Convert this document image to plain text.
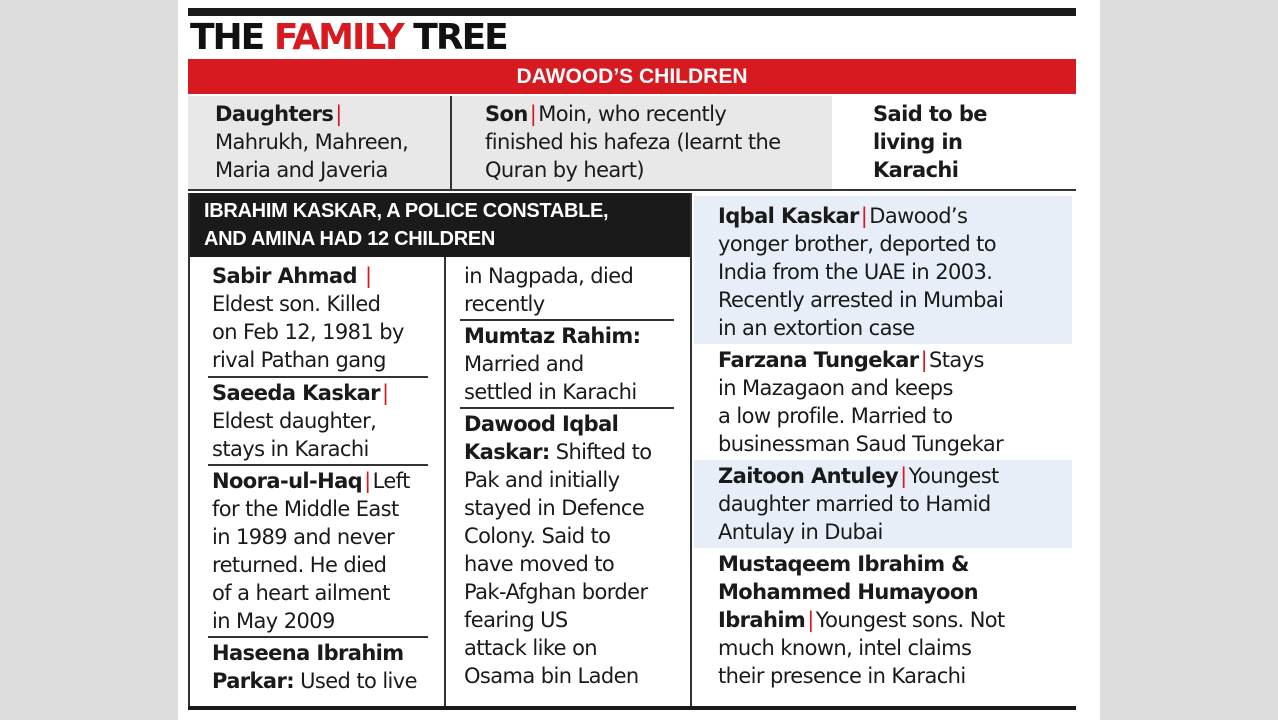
THE FAMILY TREE
DAWOOD’S CHILDREN
Daughters|
Mahrukh, Mahreen,
Maria and Javeria
Son|Moin, who recently
finished his hafeza (learnt the
Quran by heart)
Said to be
living in
Karachi
IBRAHIM KASKAR, A POLICE CONSTABLE,
AND AMINA HAD 12 CHILDREN
Sabir Ahmad |
Eldest son. Killed
on Feb 12, 1981 by
rival Pathan gang
Saeeda Kaskar|
Eldest daughter,
stays in Karachi
Noora-ul-Haq|Left
for the Middle East
in 1989 and never
returned. He died
of a heart ailment
in May 2009
Haseena Ibrahim
Parkar: Used to live
in Nagpada, died
recently
Mumtaz Rahim:
Married and
settled in Karachi
Dawood Iqbal
Kaskar: Shifted to
Pak and initially
stayed in Defence
Colony. Said to
have moved to
Pak-Afghan border
fearing US
attack like on
Osama bin Laden
Iqbal Kaskar|Dawood’s
yonger brother, deported to
India from the UAE in 2003.
Recently arrested in Mumbai
in an extortion case
Farzana Tungekar|Stays
in Mazagaon and keeps
a low profile. Married to
businessman Saud Tungekar
Zaitoon Antuley|Youngest
daughter married to Hamid
Antulay in Dubai
Mustaqeem Ibrahim &
Mohammed Humayoon
Ibrahim|Youngest sons. Not
much known, intel claims
their presence in Karachi
